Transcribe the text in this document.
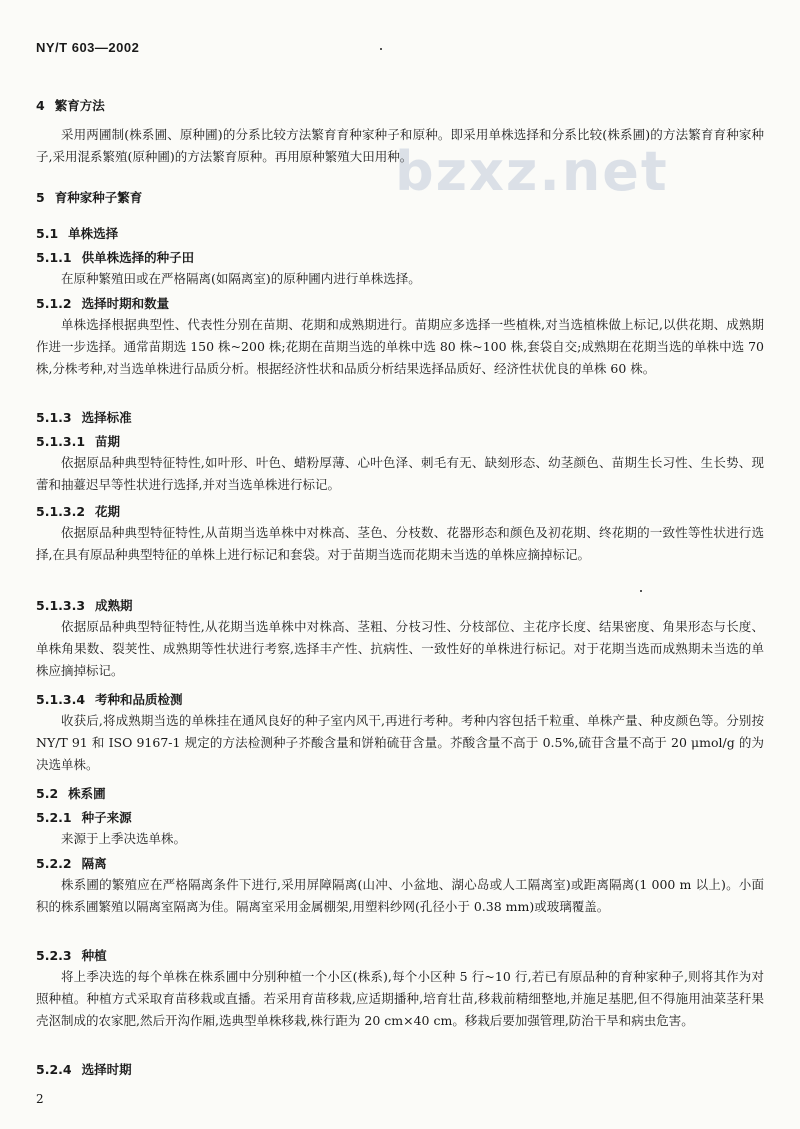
NY/T 603—2002
bzxz.net
4 繁育方法
采用两圃制(株系圃、原种圃)的分系比较方法繁育育种家种子和原种。即采用单株选择和分系比较(株系圃)的方法繁育育种家种子,采用混系繁殖(原种圃)的方法繁育原种。再用原种繁殖大田用种。
5 育种家种子繁育
5.1 单株选择
5.1.1 供单株选择的种子田
在原种繁殖田或在严格隔离(如隔离室)的原种圃内进行单株选择。
5.1.2 选择时期和数量
单株选择根据典型性、代表性分别在苗期、花期和成熟期进行。苗期应多选择一些植株,对当选植株做上标记,以供花期、成熟期作进一步选择。通常苗期选 150 株~200 株;花期在苗期当选的单株中选 80 株~100 株,套袋自交;成熟期在花期当选的单株中选 70 株,分株考种,对当选单株进行品质分析。根据经济性状和品质分析结果选择品质好、经济性状优良的单株 60 株。
5.1.3 选择标准
5.1.3.1 苗期
依据原品种典型特征特性,如叶形、叶色、蜡粉厚薄、心叶色泽、刺毛有无、缺刻形态、幼茎颜色、苗期生长习性、生长势、现蕾和抽薹迟早等性状进行选择,并对当选单株进行标记。
5.1.3.2 花期
依据原品种典型特征特性,从苗期当选单株中对株高、茎色、分枝数、花器形态和颜色及初花期、终花期的一致性等性状进行选择,在具有原品种典型特征的单株上进行标记和套袋。对于苗期当选而花期未当选的单株应摘掉标记。
5.1.3.3 成熟期
依据原品种典型特征特性,从花期当选单株中对株高、茎粗、分枝习性、分枝部位、主花序长度、结果密度、角果形态与长度、单株角果数、裂荚性、成熟期等性状进行考察,选择丰产性、抗病性、一致性好的单株进行标记。对于花期当选而成熟期未当选的单株应摘掉标记。
5.1.3.4 考种和品质检测
收获后,将成熟期当选的单株挂在通风良好的种子室内风干,再进行考种。考种内容包括千粒重、单株产量、种皮颜色等。分别按 NY/T 91 和 ISO 9167-1 规定的方法检测种子芥酸含量和饼粕硫苷含量。芥酸含量不高于 0.5%,硫苷含量不高于 20 μmol/g 的为决选单株。
5.2 株系圃
5.2.1 种子来源
来源于上季决选单株。
5.2.2 隔离
株系圃的繁殖应在严格隔离条件下进行,采用屏障隔离(山冲、小盆地、湖心岛或人工隔离室)或距离隔离(1 000 m 以上)。小面积的株系圃繁殖以隔离室隔离为佳。隔离室采用金属棚架,用塑料纱网(孔径小于 0.38 mm)或玻璃覆盖。
5.2.3 种植
将上季决选的每个单株在株系圃中分别种植一个小区(株系),每个小区种 5 行~10 行,若已有原品种的育种家种子,则将其作为对照种植。种植方式采取育苗移栽或直播。若采用育苗移栽,应适期播种,培育壮苗,移栽前精细整地,并施足基肥,但不得施用油菜茎秆果壳沤制成的农家肥,然后开沟作厢,选典型单株移栽,株行距为 20 cm×40 cm。移栽后要加强管理,防治干旱和病虫危害。
5.2.4 选择时期
2
